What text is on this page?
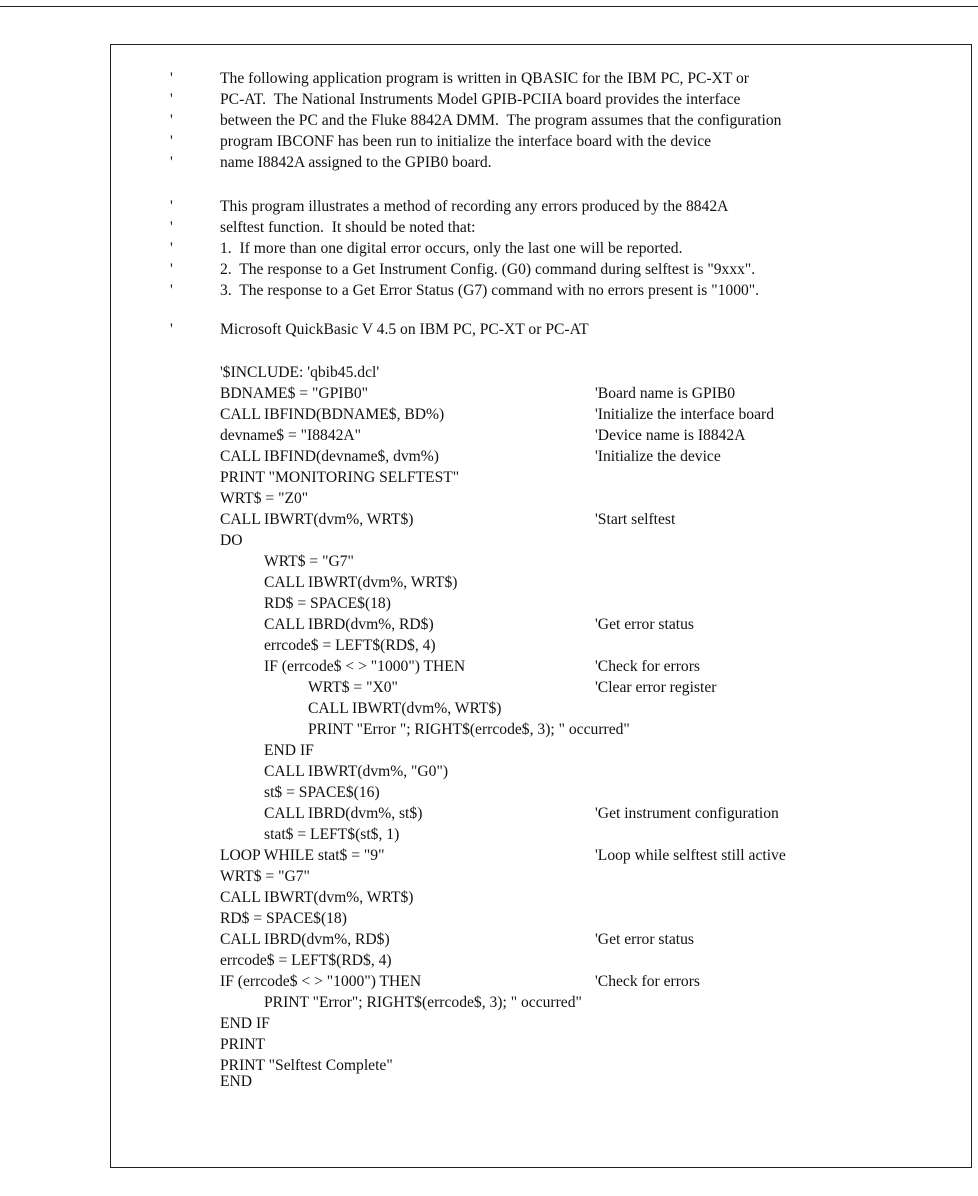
'	The following application program is written in QBASIC for the IBM PC, PC-XT or
'	PC-AT.  The National Instruments Model GPIB-PCIIA board provides the interface
'	between the PC and the Fluke 8842A DMM.  The program assumes that the configuration
'	program IBCONF has been run to initialize the interface board with the device
'	name I8842A assigned to the GPIB0 board.
'	This program illustrates a method of recording any errors produced by the 8842A
'	selftest function.  It should be noted that:
'	1.  If more than one digital error occurs, only the last one will be reported.
'	2.  The response to a Get Instrument Config. (G0) command during selftest is "9xxx".
'	3.  The response to a Get Error Status (G7) command with no errors present is "1000".
'	Microsoft QuickBasic V 4.5 on IBM PC, PC-XT or PC-AT
'$INCLUDE: 'qbib45.dcl'
BDNAME$ = "GPIB0"	'Board name is GPIB0
CALL IBFIND(BDNAME$, BD%)	'Initialize the interface board
devname$ = "I8842A"	'Device name is I8842A
CALL IBFIND(devname$, dvm%)	'Initialize the device
PRINT "MONITORING SELFTEST"
WRT$ = "Z0"
CALL IBWRT(dvm%, WRT$)	'Start selftest
DO
WRT$ = "G7"
CALL IBWRT(dvm%, WRT$)
RD$ = SPACE$(18)
CALL IBRD(dvm%, RD$)	'Get error status
errcode$ = LEFT$(RD$, 4)
IF (errcode$ < > "1000") THEN	'Check for errors
WRT$ = "X0"	'Clear error register
CALL IBWRT(dvm%, WRT$)
PRINT "Error "; RIGHT$(errcode$, 3); " occurred"
END IF
CALL IBWRT(dvm%, "G0")
st$ = SPACE$(16)
CALL IBRD(dvm%, st$)	'Get instrument configuration
stat$ = LEFT$(st$, 1)
LOOP WHILE stat$ = "9"	'Loop while selftest still active
WRT$ = "G7"
CALL IBWRT(dvm%, WRT$)
RD$ = SPACE$(18)
CALL IBRD(dvm%, RD$)	'Get error status
errcode$ = LEFT$(RD$, 4)
IF (errcode$ < > "1000") THEN	'Check for errors
PRINT "Error"; RIGHT$(errcode$, 3); " occurred"
END IF
PRINT
PRINT "Selftest Complete"
END
